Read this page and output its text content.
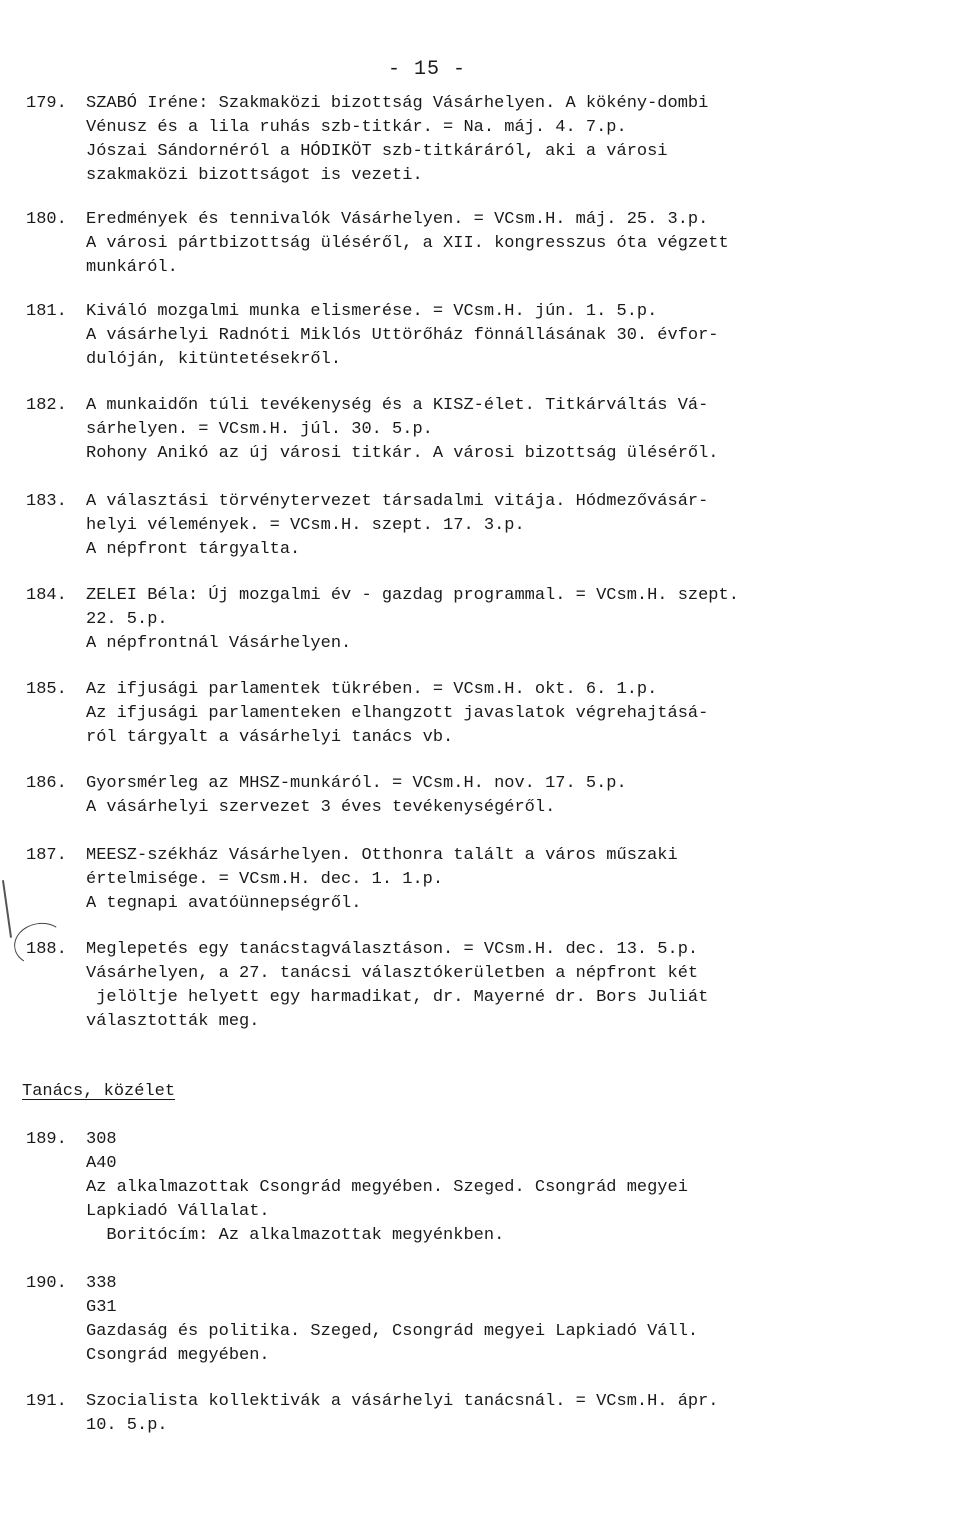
- 15 -
179. SZABÓ Iréne: Szakmaközi bizottság Vásárhelyen. A kökény-dombi
Vénusz és a lila ruhás szb-titkár. = Na. máj. 4. 7.p.
Jószai Sándornéról a HÓDIKÖT szb-titkáráról, aki a városi
szakmaközi bizottságot is vezeti.
180. Eredmények és tennivalók Vásárhelyen. = VCsm.H. máj. 25. 3.p.
A városi pártbizottság üléséről, a XII. kongresszus óta végzett
munkáról.
181. Kiváló mozgalmi munka elismerése. = VCsm.H. jún. 1. 5.p.
A vásárhelyi Radnóti Miklós Uttörőház fönnállásának 30. évfor-
dulóján, kitüntetésekről.
182. A munkaidőn túli tevékenység és a KISZ-élet. Titkárváltás Vá-
sárhelyen. = VCsm.H. júl. 30. 5.p.
Rohony Anikó az új városi titkár. A városi bizottság üléséről.
183. A választási törvénytervezet társadalmi vitája. Hódmezővásár-
helyi vélemények. = VCsm.H. szept. 17. 3.p.
A népfront tárgyalta.
184. ZELEI Béla: Új mozgalmi év - gazdag programmal. = VCsm.H. szept.
22. 5.p.
A népfrontnál Vásárhelyen.
185. Az ifjusági parlamentek tükrében. = VCsm.H. okt. 6. 1.p.
Az ifjusági parlamenteken elhangzott javaslatok végrehajtásá-
ról tárgyalt a vásárhelyi tanács vb.
186. Gyorsmérleg az MHSZ-munkáról. = VCsm.H. nov. 17. 5.p.
A vásárhelyi szervezet 3 éves tevékenységéről.
187. MEESZ-székház Vásárhelyen. Otthonra talált a város műszaki
értelmisége. = VCsm.H. dec. 1. 1.p.
A tegnapi avatóünnepségről.
188. Meglepetés egy tanácstagválasztáson. = VCsm.H. dec. 13. 5.p.
Vásárhelyen, a 27. tanácsi választókerületben a népfront két
jelöltje helyett egy harmadikat, dr. Mayerné dr. Bors Juliát
választották meg.
Tanács, közélet
189. 308
A40
Az alkalmazottak Csongrád megyében. Szeged. Csongrád megyei
Lapkiadó Vállalat.
Boritócím: Az alkalmazottak megyénkben.
190. 338
G31
Gazdaság és politika. Szeged, Csongrád megyei Lapkiadó Váll.
Csongrád megyében.
191. Szocialista kollektivák a vásárhelyi tanácsnál. = VCsm.H. ápr.
10. 5.p.
